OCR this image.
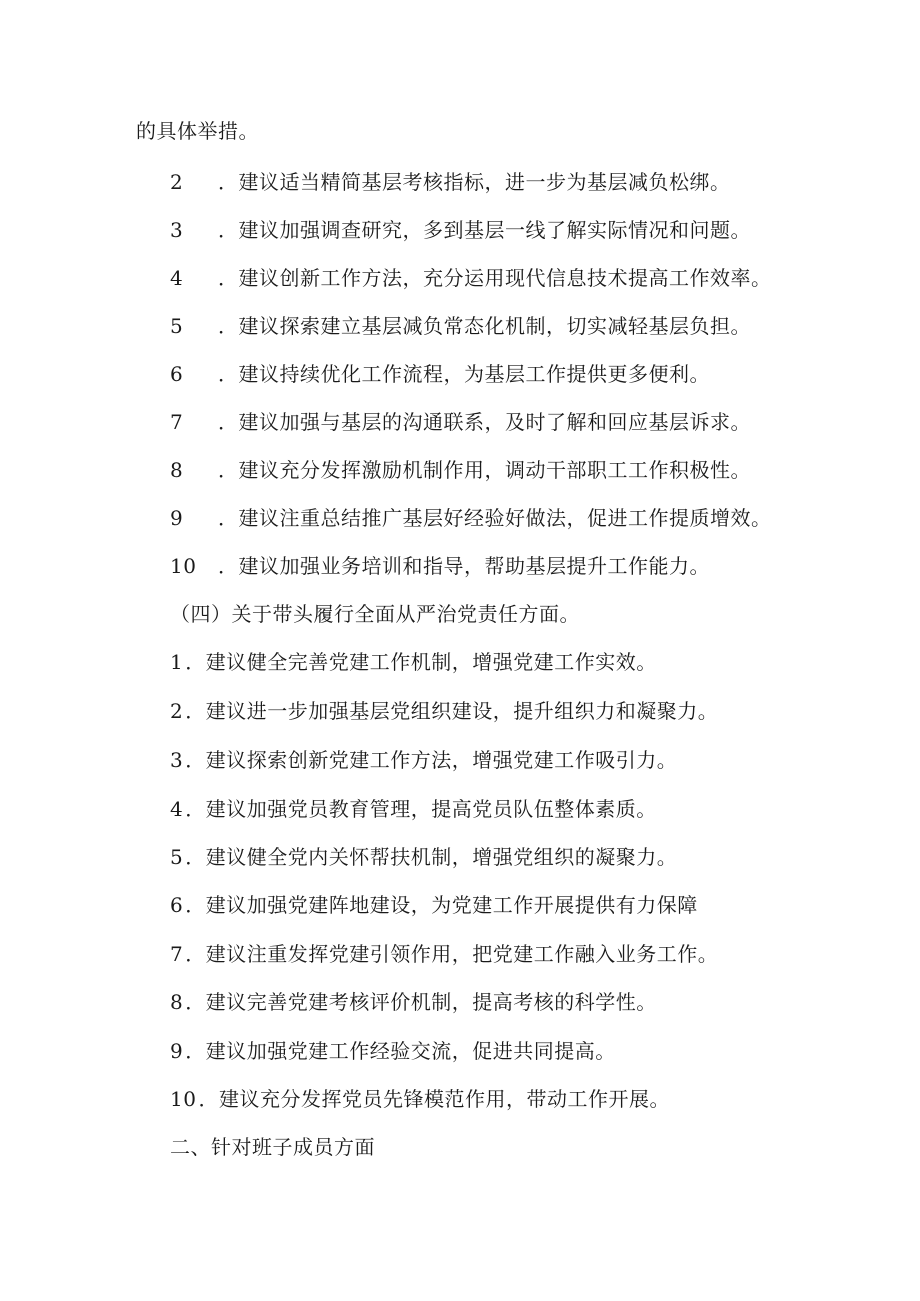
的具体举措。
2 ．建议适当精简基层考核指标，进一步为基层减负松绑。
3 ．建议加强调查研究，多到基层一线了解实际情况和问题。
4 ．建议创新工作方法，充分运用现代信息技术提高工作效率。
5 ．建议探索建立基层减负常态化机制，切实减轻基层负担。
6 ．建议持续优化工作流程，为基层工作提供更多便利。
7 ．建议加强与基层的沟通联系，及时了解和回应基层诉求。
8 ．建议充分发挥激励机制作用，调动干部职工工作积极性。
9 ．建议注重总结推广基层好经验好做法，促进工作提质增效。
10 ．建议加强业务培训和指导，帮助基层提升工作能力。
（四）关于带头履行全面从严治党责任方面。
1 ．建议健全完善党建工作机制，增强党建工作实效。
2 ．建议进一步加强基层党组织建设，提升组织力和凝聚力。
3 ．建议探索创新党建工作方法，增强党建工作吸引力。
4 ．建议加强党员教育管理，提高党员队伍整体素质。
5 ．建议健全党内关怀帮扶机制，增强党组织的凝聚力。
6 ．建议加强党建阵地建设，为党建工作开展提供有力保障
7 ．建议注重发挥党建引领作用，把党建工作融入业务工作。
8 ．建议完善党建考核评价机制，提高考核的科学性。
9 ．建议加强党建工作经验交流，促进共同提高。
10 ．建议充分发挥党员先锋模范作用，带动工作开展。
二、针对班子成员方面
